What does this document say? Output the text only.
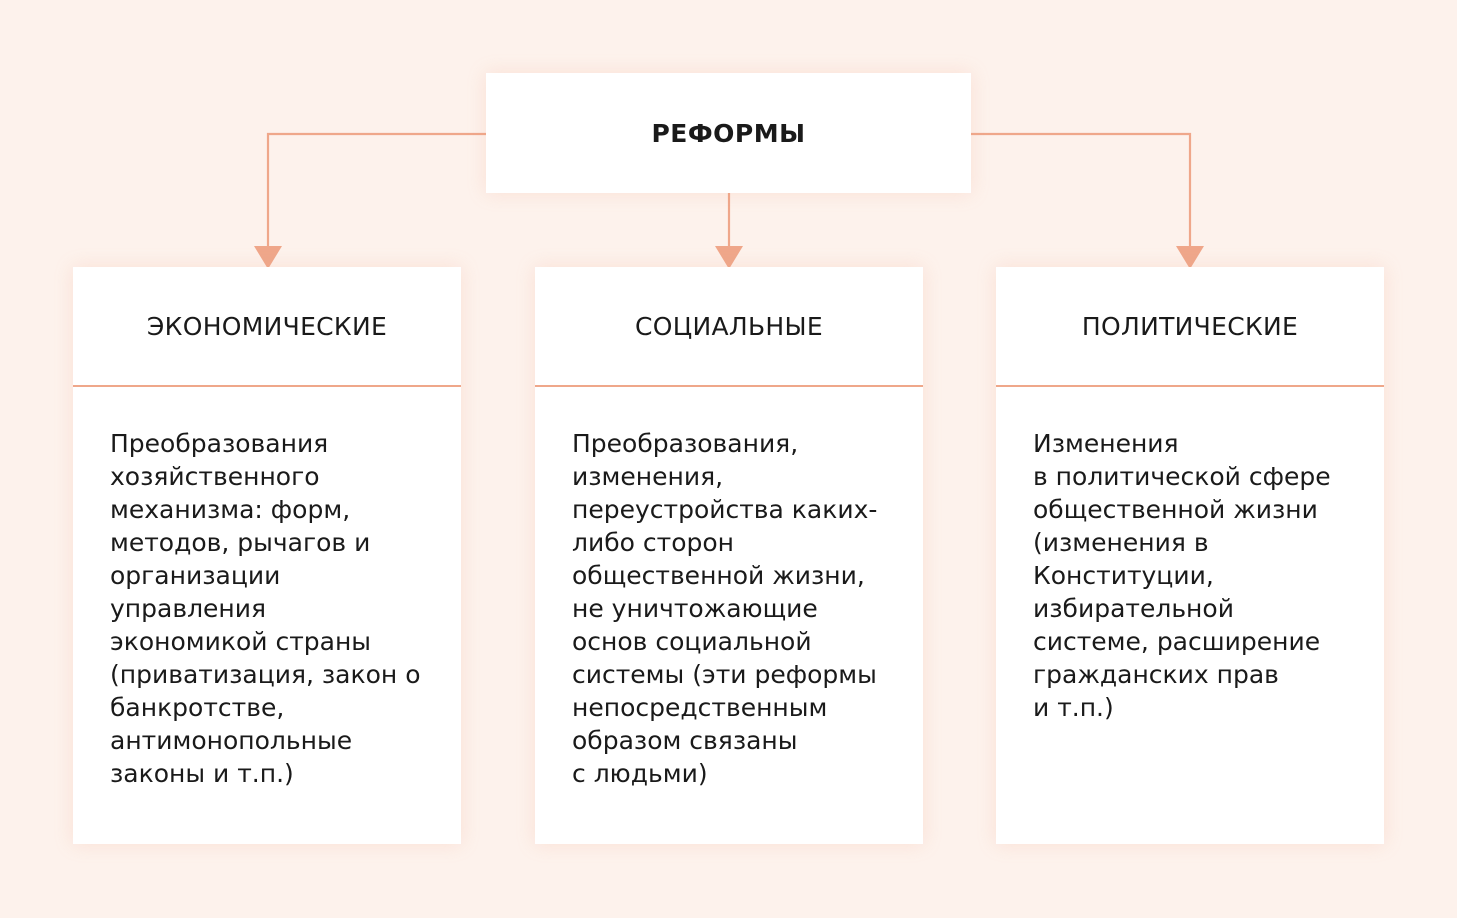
РЕФОРМЫ
ЭКОНОМИЧЕСКИЕ
Преобразования
хозяйственного
механизма: форм,
методов, рычагов и
организации
управления
экономикой страны
(приватизация, закон о
банкротстве,
антимонопольные
законы и т.п.)
СОЦИАЛЬНЫЕ
Преобразования,
изменения,
переустройства каких-
либо сторон
общественной жизни,
не уничтожающие
основ социальной
системы (эти реформы
непосредственным
образом связаны
с людьми)
ПОЛИТИЧЕСКИЕ
Изменения
в политической сфере
общественной жизни
(изменения в
Конституции,
избирательной
системе, расширение
гражданских прав
и т.п.)
